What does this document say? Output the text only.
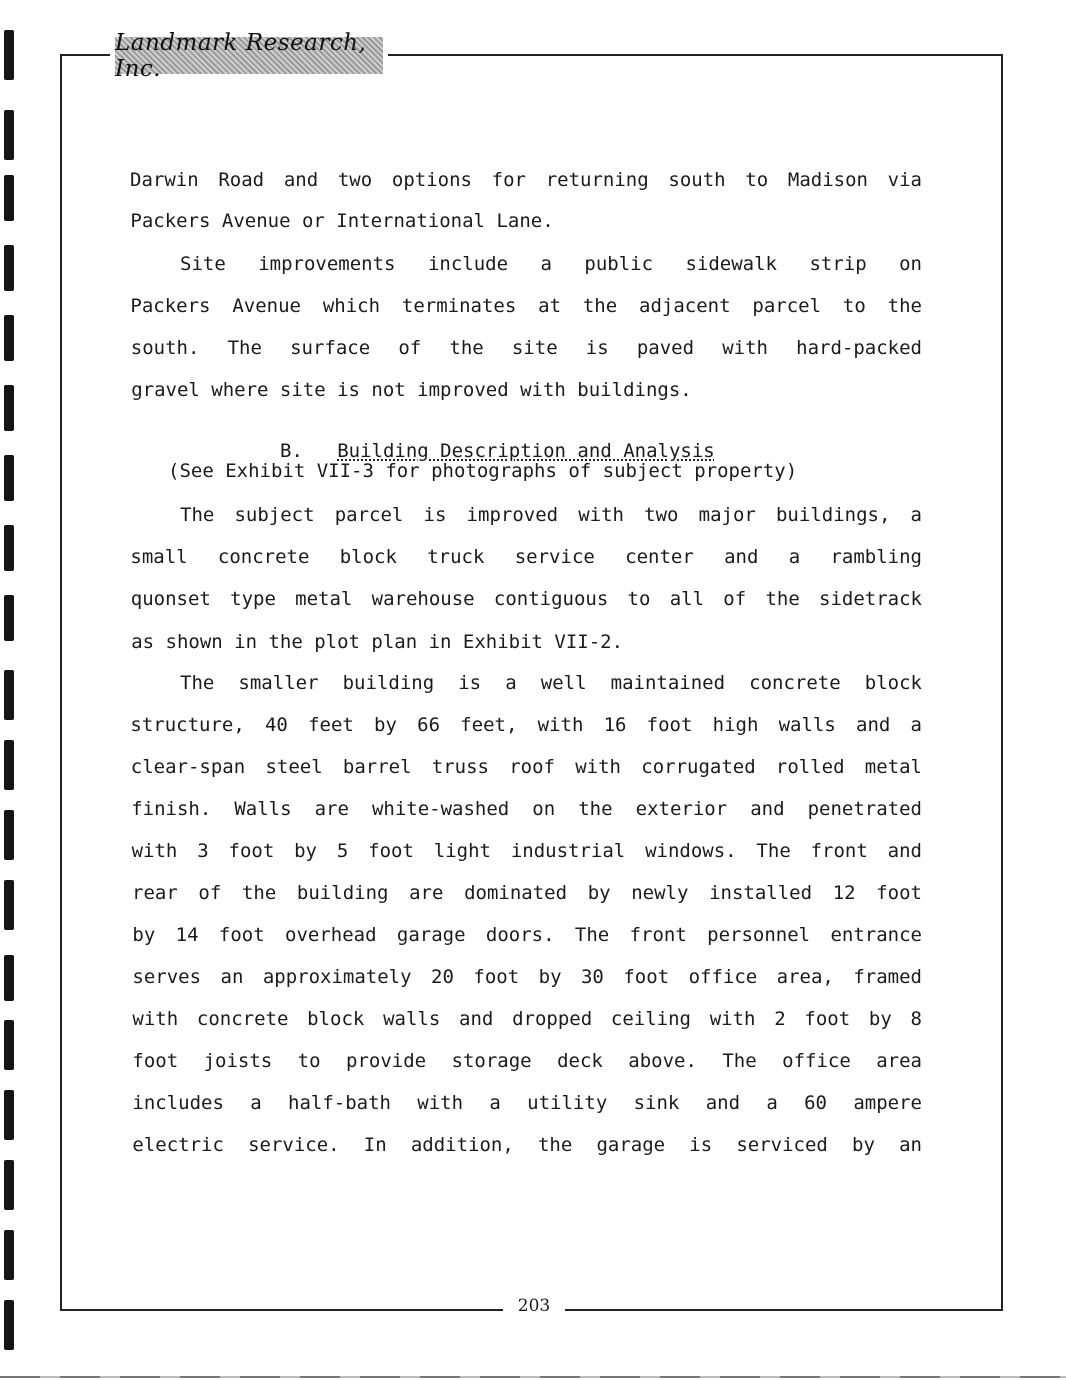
Landmark Research, Inc.
Darwin Road and two options for returning south to Madison via
Packers Avenue or International Lane.
Site improvements include a public sidewalk strip on
Packers Avenue which terminates at the adjacent parcel to the
south. The surface of the site is paved with hard-packed
gravel where site is not improved with buildings.
The subject parcel is improved with two major buildings, a
small concrete block truck service center and a rambling
quonset type metal warehouse contiguous to all of the sidetrack
as shown in the plot plan in Exhibit VII-2.
The smaller building is a well maintained concrete block
structure, 40 feet by 66 feet, with 16 foot high walls and a
clear-span steel barrel truss roof with corrugated rolled metal
finish. Walls are white-washed on the exterior and penetrated
with 3 foot by 5 foot light industrial windows. The front and
rear of the building are dominated by newly installed 12 foot
by 14 foot overhead garage doors. The front personnel entrance
serves an approximately 20 foot by 30 foot office area, framed
with concrete block walls and dropped ceiling with 2 foot by 8
foot joists to provide storage deck above. The office area
includes a half-bath with a utility sink and a 60 ampere
electric service. In addition, the garage is serviced by an
B. Building Description and Analysis
(See Exhibit VII-3 for photographs of subject property)
203
